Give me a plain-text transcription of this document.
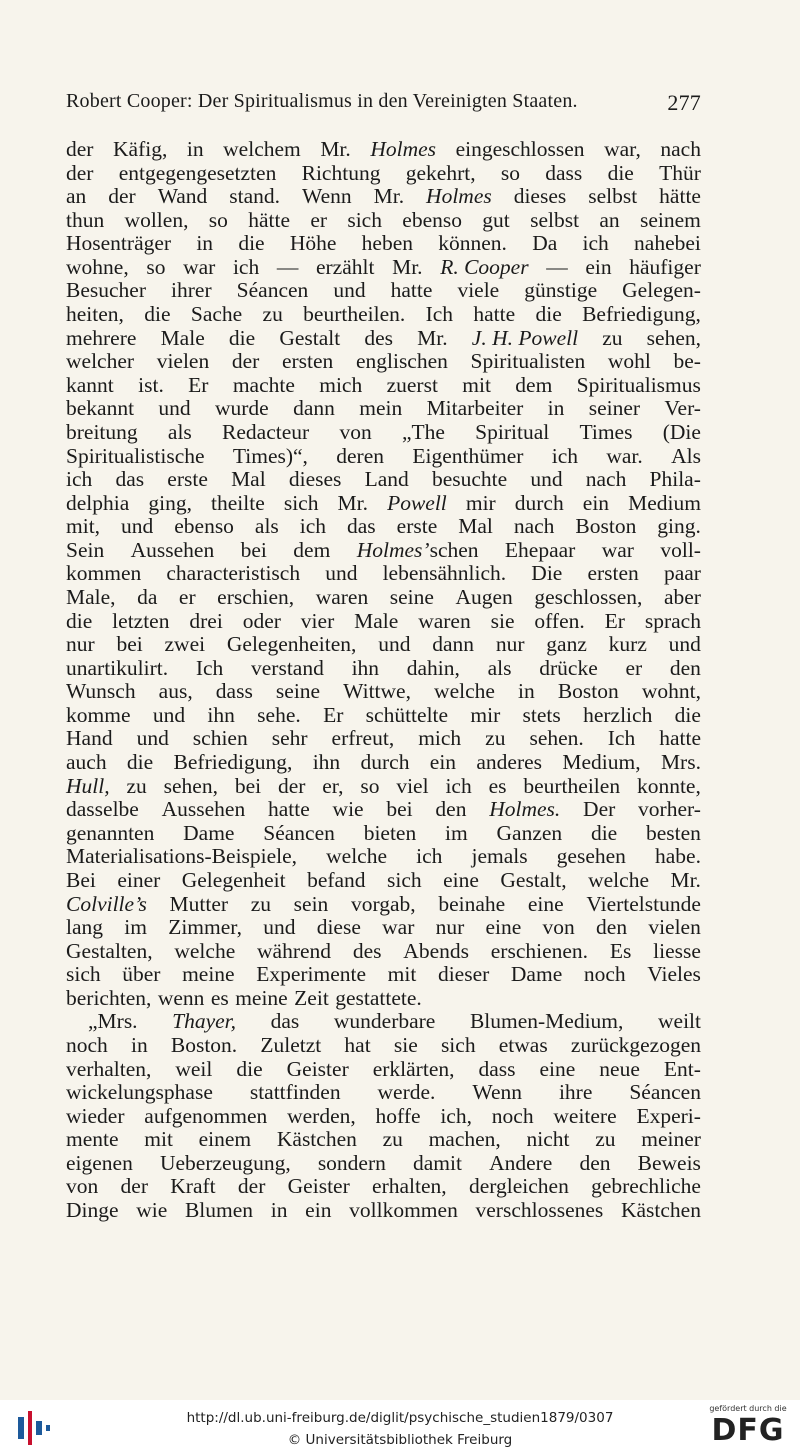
Robert Cooper: Der Spiritualismus in den Vereinigten Staaten.	277
der Käfig, in welchem Mr. Holmes eingeschlossen war, nach
der entgegengesetzten Richtung gekehrt, so dass die Thür
an der Wand stand. Wenn Mr. Holmes dieses selbst hätte
thun wollen, so hätte er sich ebenso gut selbst an seinem
Hosenträger in die Höhe heben können. Da ich nahebei
wohne, so war ich — erzählt Mr. R. Cooper — ein häufiger
Besucher ihrer Séancen und hatte viele günstige Gelegen-
heiten, die Sache zu beurtheilen. Ich hatte die Befriedigung,
mehrere Male die Gestalt des Mr. J. H. Powell zu sehen,
welcher vielen der ersten englischen Spiritualisten wohl be-
kannt ist. Er machte mich zuerst mit dem Spiritualismus
bekannt und wurde dann mein Mitarbeiter in seiner Ver-
breitung als Redacteur von „The Spiritual Times (Die
Spiritualistische Times)“, deren Eigenthümer ich war. Als
ich das erste Mal dieses Land besuchte und nach Phila-
delphia ging, theilte sich Mr. Powell mir durch ein Medium
mit, und ebenso als ich das erste Mal nach Boston ging.
Sein Aussehen bei dem Holmes’schen Ehepaar war voll-
kommen characteristisch und lebensähnlich. Die ersten paar
Male, da er erschien, waren seine Augen geschlossen, aber
die letzten drei oder vier Male waren sie offen. Er sprach
nur bei zwei Gelegenheiten, und dann nur ganz kurz und
unartikulirt. Ich verstand ihn dahin, als drücke er den
Wunsch aus, dass seine Wittwe, welche in Boston wohnt,
komme und ihn sehe. Er schüttelte mir stets herzlich die
Hand und schien sehr erfreut, mich zu sehen. Ich hatte
auch die Befriedigung, ihn durch ein anderes Medium, Mrs.
Hull, zu sehen, bei der er, so viel ich es beurtheilen konnte,
dasselbe Aussehen hatte wie bei den Holmes. Der vorher-
genannten Dame Séancen bieten im Ganzen die besten
Materialisations-Beispiele, welche ich jemals gesehen habe.
Bei einer Gelegenheit befand sich eine Gestalt, welche Mr.
Colville’s Mutter zu sein vorgab, beinahe eine Viertelstunde
lang im Zimmer, und diese war nur eine von den vielen
Gestalten, welche während des Abends erschienen. Es liesse
sich über meine Experimente mit dieser Dame noch Vieles
berichten, wenn es meine Zeit gestattete.
„Mrs. Thayer, das wunderbare Blumen-Medium, weilt
noch in Boston. Zuletzt hat sie sich etwas zurückgezogen
verhalten, weil die Geister erklärten, dass eine neue Ent-
wickelungsphase stattfinden werde. Wenn ihre Séancen
wieder aufgenommen werden, hoffe ich, noch weitere Experi-
mente mit einem Kästchen zu machen, nicht zu meiner
eigenen Ueberzeugung, sondern damit Andere den Beweis
von der Kraft der Geister erhalten, dergleichen gebrechliche
Dinge wie Blumen in ein vollkommen verschlossenes Kästchen
http://dl.ub.uni-freiburg.de/diglit/psychische_studien1879/0307
© Universitätsbibliothek Freiburg
gefördert durch die
DFG
